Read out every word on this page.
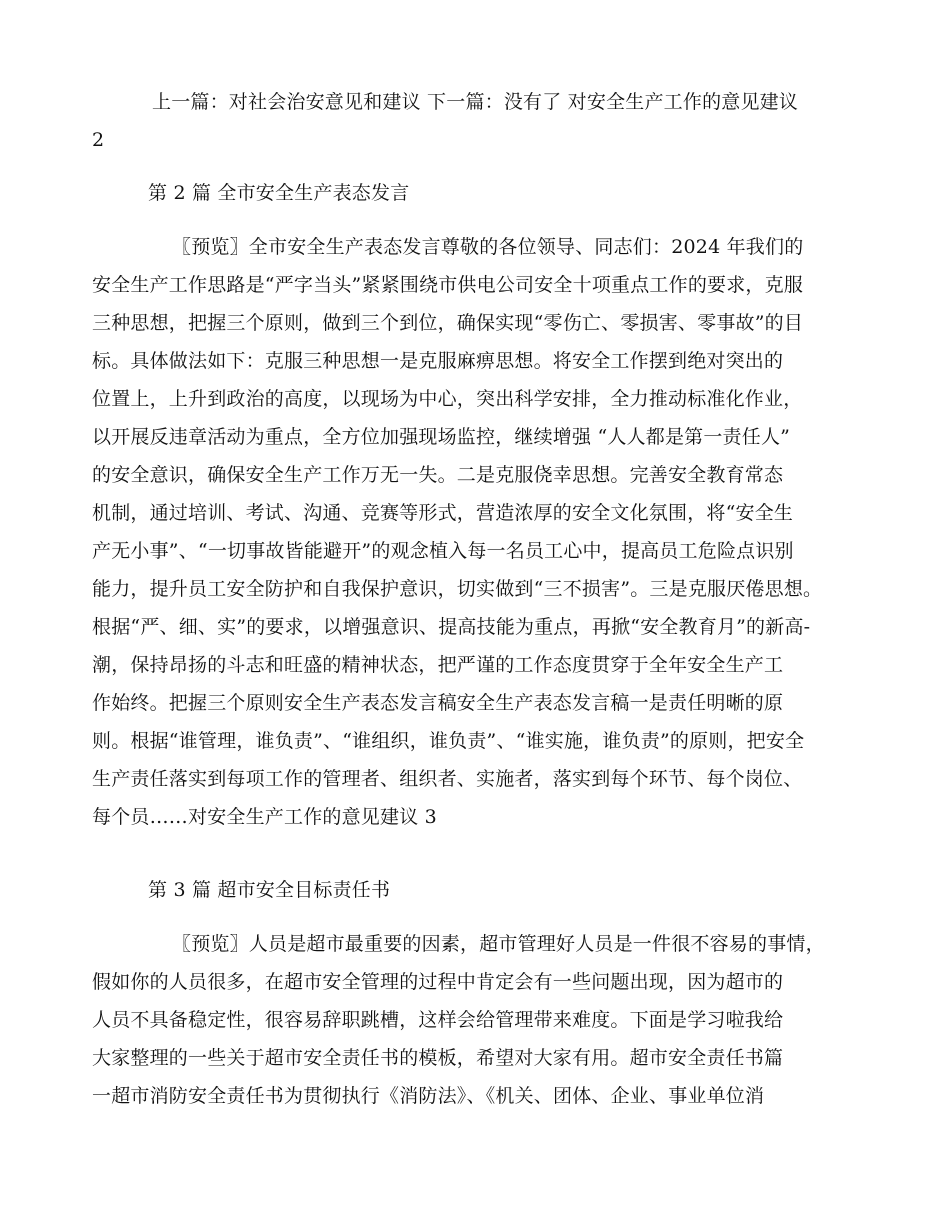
上一篇：对社会治安意见和建议 下一篇：没有了 对安全生产工作的意见建议
2
第 2 篇 全市安全生产表态发言
〖预览〗全市安全生产表态发言尊敬的各位领导、同志们：2024 年我们的
安全生产工作思路是“严字当头”紧紧围绕市供电公司安全十项重点工作的要求，克服
三种思想，把握三个原则，做到三个到位，确保实现“零伤亡、零损害、零事故”的目
标。具体做法如下：克服三种思想一是克服麻痹思想。将安全工作摆到绝对突出的
位置上，上升到政治的高度，以现场为中心，突出科学安排，全力推动标准化作业，
以开展反违章活动为重点，全方位加强现场监控，继续增强 “人人都是第一责任人”
的安全意识，确保安全生产工作万无一失。二是克服侥幸思想。完善安全教育常态
机制，通过培训、考试、沟通、竞赛等形式，营造浓厚的安全文化氛围，将“安全生
产无小事”、“一切事故皆能避开”的观念植入每一名员工心中，提高员工危险点识别
能力，提升员工安全防护和自我保护意识，切实做到“三不损害”。三是克服厌倦思想。
根据“严、细、实”的要求，以增强意识、提高技能为重点，再掀“安全教育月”的新高-
潮，保持昂扬的斗志和旺盛的精神状态，把严谨的工作态度贯穿于全年安全生产工
作始终。把握三个原则安全生产表态发言稿安全生产表态发言稿一是责任明晰的原
则。根据“谁管理，谁负责”、“谁组织，谁负责”、“谁实施，谁负责”的原则，把安全
生产责任落实到每项工作的管理者、组织者、实施者，落实到每个环节、每个岗位、
每个员……对安全生产工作的意见建议 3
第 3 篇 超市安全目标责任书
〖预览〗人员是超市最重要的因素，超市管理好人员是一件很不容易的事情，
假如你的人员很多，在超市安全管理的过程中肯定会有一些问题出现，因为超市的
人员不具备稳定性，很容易辞职跳槽，这样会给管理带来难度。下面是学习啦我给
大家整理的一些关于超市安全责任书的模板，希望对大家有用。超市安全责任书篇
一超市消防安全责任书为贯彻执行《消防法》、《机关、团体、企业、事业单位消
